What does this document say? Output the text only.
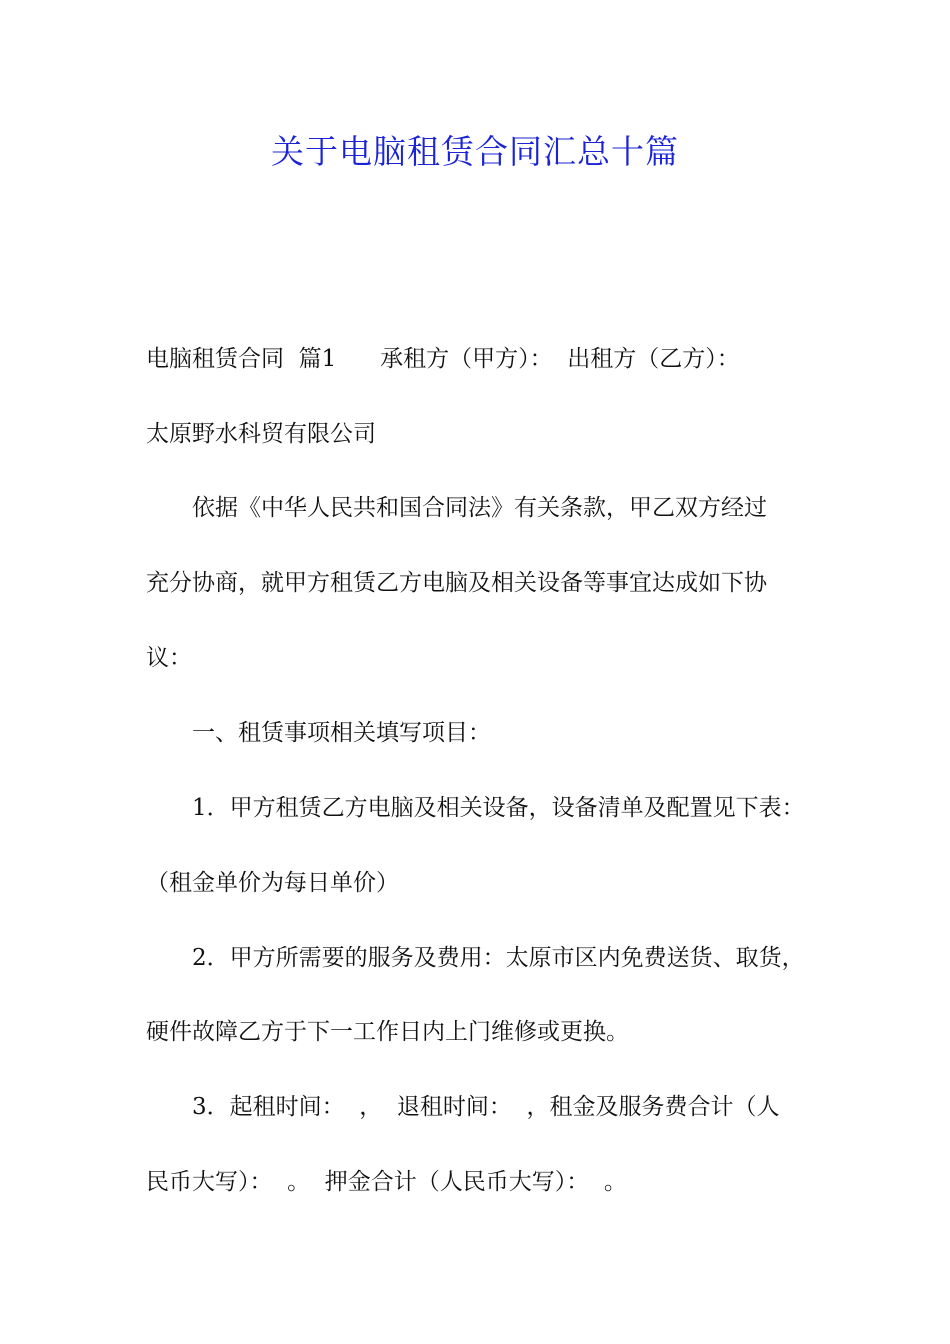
关于电脑租赁合同汇总十篇
电脑租赁合同  篇1      承租方（甲方）：  出租方（乙方）：
太原野水科贸有限公司
依据《中华人民共和国合同法》有关条款，甲乙双方经过
充分协商，就甲方租赁乙方电脑及相关设备等事宜达成如下协
议：
一、租赁事项相关填写项目：
1．甲方租赁乙方电脑及相关设备，设备清单及配置见下表：
（租金单价为每日单价）
2．甲方所需要的服务及费用：太原市区内免费送货、取货，
硬件故障乙方于下一工作日内上门维修或更换。
3．起租时间：  ，  退租时间：  ，租金及服务费合计（人
民币大写）：  。  押金合计（人民币大写）：  。
